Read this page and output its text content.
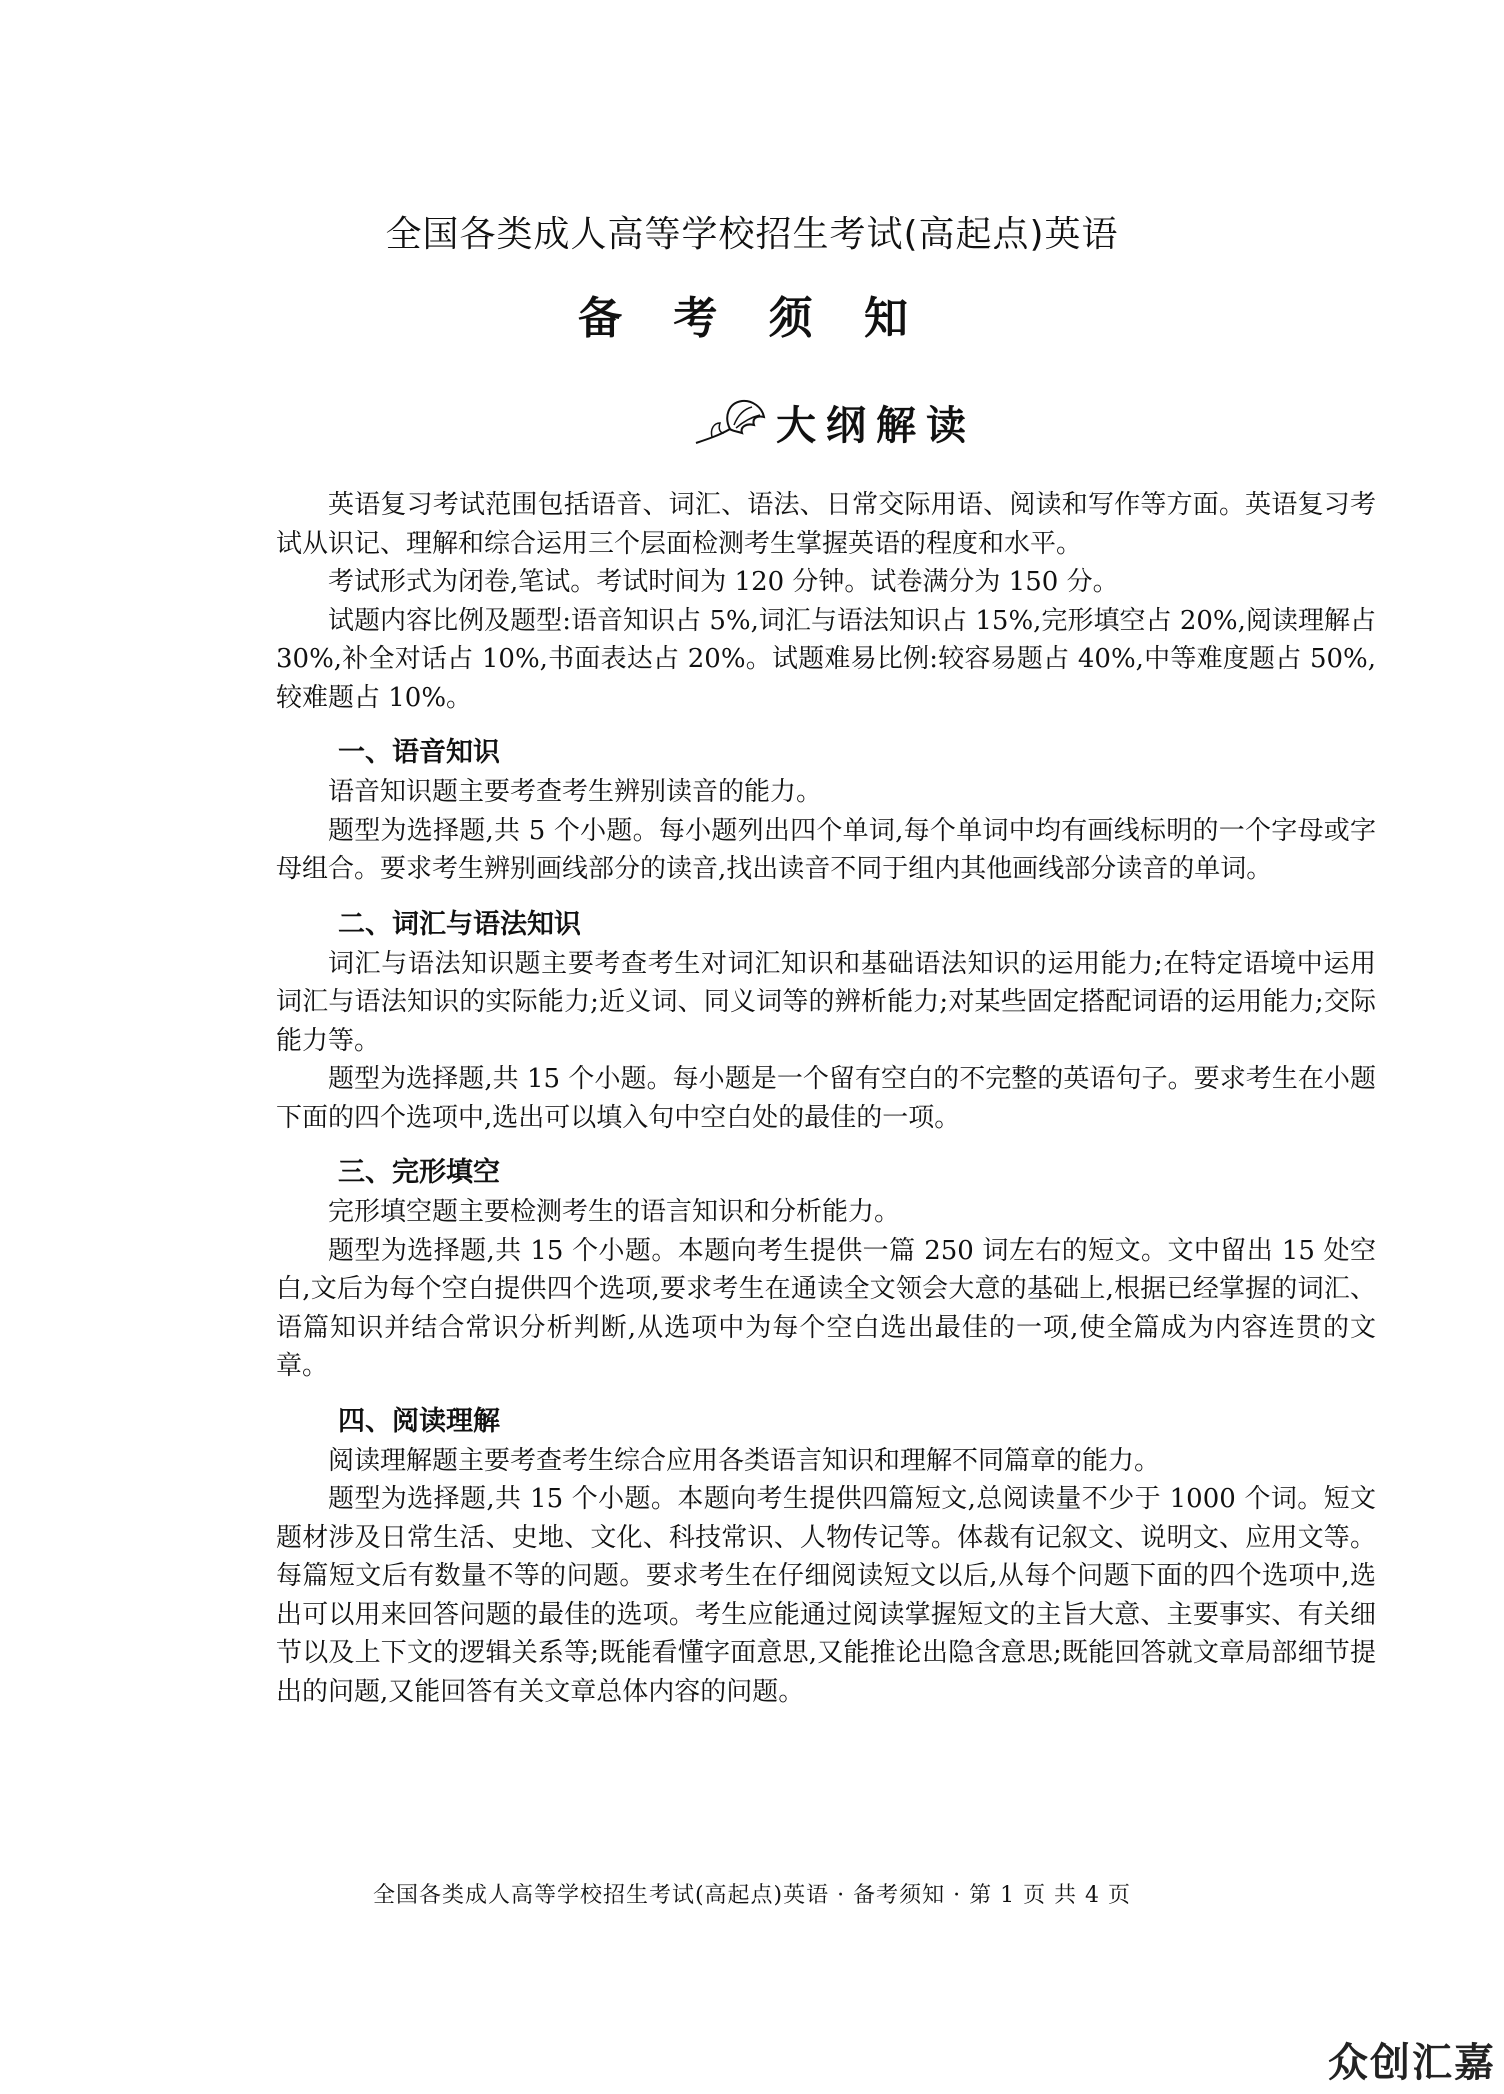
全国各类成人高等学校招生考试(高起点)英语
备 考 须 知
大纲解读

英语复习考试范围包括语音、词汇、语法、日常交际用语、阅读和写作等方面。英语复习考试从识记、理解和综合运用三个层面检测考生掌握英语的程度和水平。

考试形式为闭卷,笔试。考试时间为 120 分钟。试卷满分为 150 分。

试题内容比例及题型:语音知识占 5%,词汇与语法知识占 15%,完形填空占 20%,阅读理解占 30%,补全对话占 10%,书面表达占 20%。试题难易比例:较容易题占 40%,中等难度题占 50%,较难题占 10%。

一、语音知识

语音知识题主要考查考生辨别读音的能力。

题型为选择题,共 5 个小题。每小题列出四个单词,每个单词中均有画线标明的一个字母或字母组合。要求考生辨别画线部分的读音,找出读音不同于组内其他画线部分读音的单词。

二、词汇与语法知识

词汇与语法知识题主要考查考生对词汇知识和基础语法知识的运用能力;在特定语境中运用词汇与语法知识的实际能力;近义词、同义词等的辨析能力;对某些固定搭配词语的运用能力;交际能力等。

题型为选择题,共 15 个小题。每小题是一个留有空白的不完整的英语句子。要求考生在小题下面的四个选项中,选出可以填入句中空白处的最佳的一项。

三、完形填空

完形填空题主要检测考生的语言知识和分析能力。

题型为选择题,共 15 个小题。本题向考生提供一篇 250 词左右的短文。文中留出 15 处空白,文后为每个空白提供四个选项,要求考生在通读全文领会大意的基础上,根据已经掌握的词汇、语篇知识并结合常识分析判断,从选项中为每个空白选出最佳的一项,使全篇成为内容连贯的文章。

四、阅读理解

阅读理解题主要考查考生综合应用各类语言知识和理解不同篇章的能力。

题型为选择题,共 15 个小题。本题向考生提供四篇短文,总阅读量不少于 1000 个词。短文题材涉及日常生活、史地、文化、科技常识、人物传记等。体裁有记叙文、说明文、应用文等。每篇短文后有数量不等的问题。要求考生在仔细阅读短文以后,从每个问题下面的四个选项中,选出可以用来回答问题的最佳的选项。考生应能通过阅读掌握短文的主旨大意、主要事实、有关细节以及上下文的逻辑关系等;既能看懂字面意思,又能推论出隐含意思;既能回答就文章局部细节提出的问题,又能回答有关文章总体内容的问题。

全国各类成人高等学校招生考试(高起点)英语 · 备考须知 · 第 1 页 共 4 页
众创汇嘉
